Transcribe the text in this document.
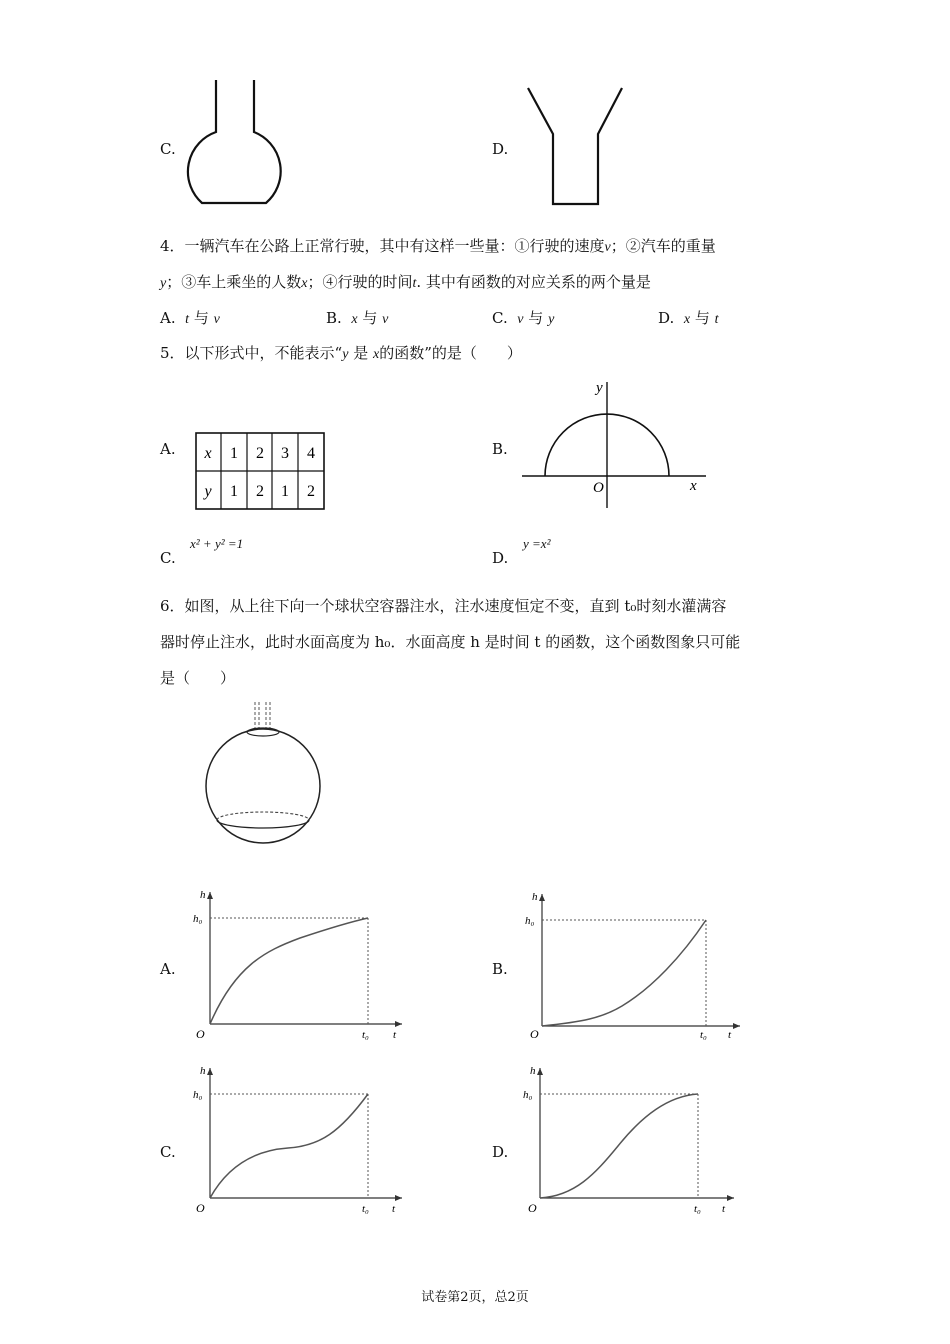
C.	D.
4．一辆汽车在公路上正常行驶，其中有这样一些量：①行驶的速度v；②汽车的重量
y；③车上乘坐的人数x；④行驶的时间t. 其中有函数的对应关系的两个量是
A. t 与 v	B. x 与 v	C. v 与 y	D. x 与 t
5．以下形式中，不能表示“y 是 x的函数”的是（　　）
A. x 1 2 3 4
y 1 2 1 2
B.
y
x
O
C.
x² + y² =1
D.
y =x²
6．如图，从上往下向一个球状空容器注水，注水速度恒定不变，直到 t₀时刻水灌满容
器时停止注水，此时水面高度为 h₀．水面高度 h 是时间 t 的函数，这个函数图象只可能
是（　　）
A.
h
h₀
O	t₀ t
B.
h
h₀
O	t₀ t
C.
h
h₀
O	t₀ t
D.
h
h₀
O	t₀ t
试卷第2页，总2页
